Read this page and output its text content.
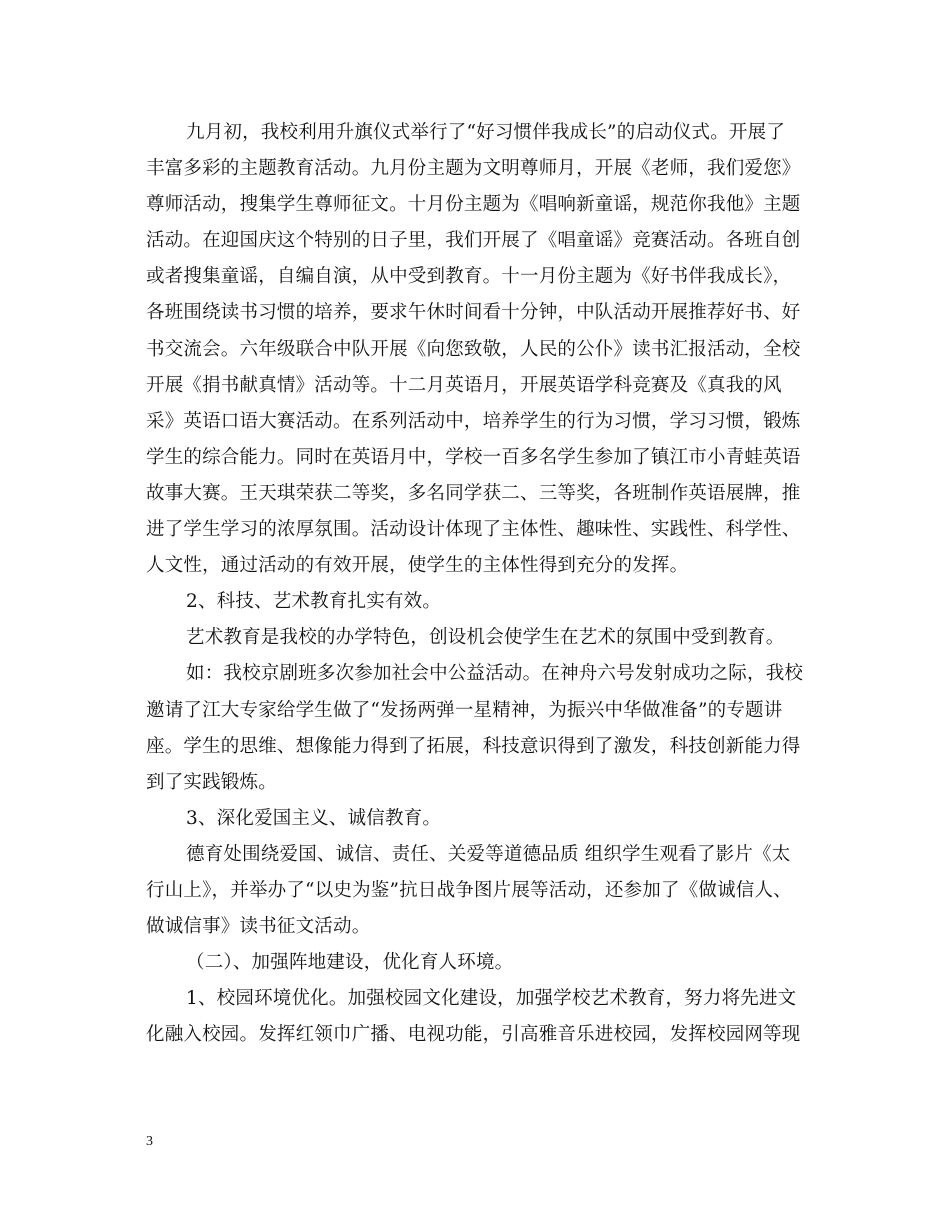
九月初，我校利用升旗仪式举行了“好习惯伴我成长”的启动仪式。开展了
丰富多彩的主题教育活动。九月份主题为文明尊师月，开展《老师，我们爱您》
尊师活动，搜集学生尊师征文。十月份主题为《唱响新童谣，规范你我他》主题
活动。在迎国庆这个特别的日子里，我们开展了《唱童谣》竞赛活动。各班自创
或者搜集童谣，自编自演，从中受到教育。十一月份主题为《好书伴我成长》，
各班围绕读书习惯的培养，要求午休时间看十分钟，中队活动开展推荐好书、好
书交流会。六年级联合中队开展《向您致敬，人民的公仆》读书汇报活动，全校
开展《捐书献真情》活动等。十二月英语月，开展英语学科竞赛及《真我的风
采》英语口语大赛活动。在系列活动中，培养学生的行为习惯，学习习惯，锻炼
学生的综合能力。同时在英语月中，学校一百多名学生参加了镇江市小青蛙英语
故事大赛。王天琪荣获二等奖，多名同学获二、三等奖，各班制作英语展牌，推
进了学生学习的浓厚氛围。活动设计体现了主体性、趣味性、实践性、科学性、
人文性，通过活动的有效开展，使学生的主体性得到充分的发挥。
2、科技、艺术教育扎实有效。
艺术教育是我校的办学特色，创设机会使学生在艺术的氛围中受到教育。
如：我校京剧班多次参加社会中公益活动。在神舟六号发射成功之际，我校
邀请了江大专家给学生做了“发扬两弹一星精神，为振兴中华做准备”的专题讲
座。学生的思维、想像能力得到了拓展，科技意识得到了激发，科技创新能力得
到了实践锻炼。
3、深化爱国主义、诚信教育。
德育处围绕爱国、诚信、责任、关爱等道德品质 组织学生观看了影片《太
行山上》，并举办了“以史为鉴”抗日战争图片展等活动，还参加了《做诚信人、
做诚信事》读书征文活动。
（二）、加强阵地建设，优化育人环境。
1、校园环境优化。加强校园文化建设，加强学校艺术教育，努力将先进文
化融入校园。发挥红领巾广播、电视功能，引高雅音乐进校园，发挥校园网等现
3
